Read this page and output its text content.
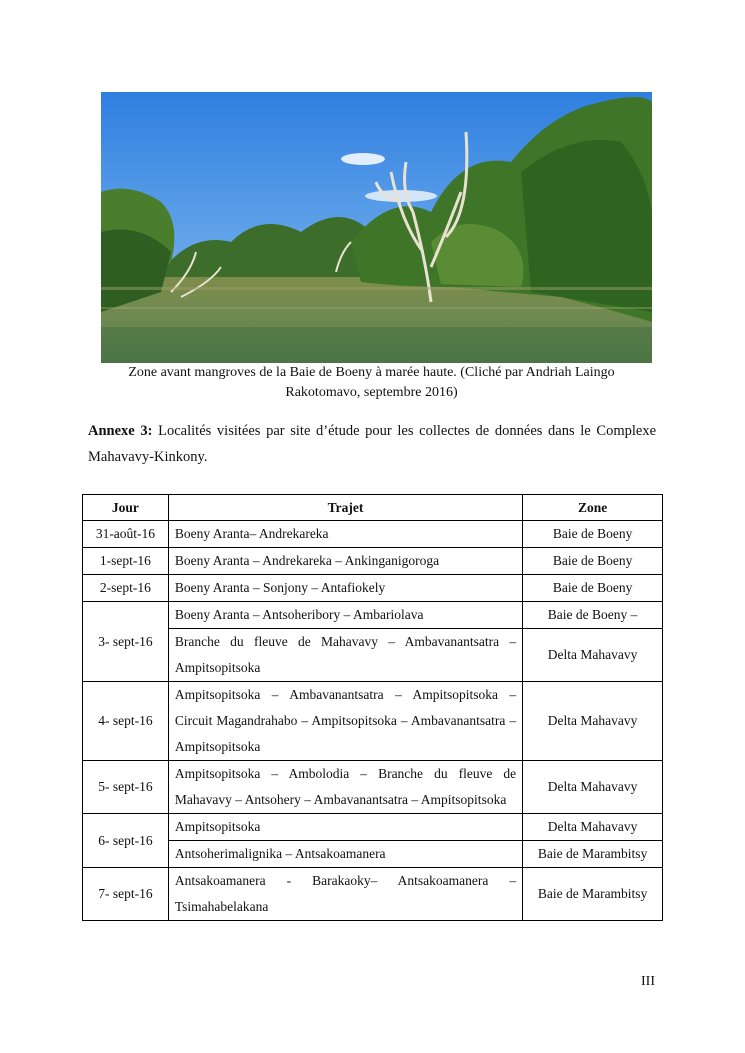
Zone avant mangroves de la Baie de Boeny à marée haute. (Cliché par Andriah Laingo Rakotomavo, septembre 2016)
Annexe 3: Localités visitées par site d’étude pour les collectes de données dans le Complexe Mahavavy-Kinkony.
Jour	Trajet	Zone
31-août-16	Boeny Aranta– Andrekareka	Baie de Boeny
1-sept-16	Boeny Aranta – Andrekareka – Ankinganigoroga	Baie de Boeny
2-sept-16	Boeny Aranta – Sonjony – Antafiokely	Baie de Boeny
3- sept-16	Boeny Aranta – Antsoheribory – Ambariolava	Baie de Boeny –
	Branche du fleuve de Mahavavy – Ambavanantsatra – Ampitsopitsoka	Delta Mahavavy
4- sept-16	Ampitsopitsoka – Ambavanantsatra – Ampitsopitsoka – Circuit Magandrahabo – Ampitsopitsoka – Ambavanantsatra – Ampitsopitsoka	Delta Mahavavy
5- sept-16	Ampitsopitsoka – Ambolodia – Branche du fleuve de Mahavavy – Antsohery – Ambavanantsatra – Ampitsopitsoka	Delta Mahavavy
6- sept-16	Ampitsopitsoka	Delta Mahavavy
	Antsoherimalignika – Antsakoamanera	Baie de Marambitsy
7- sept-16	Antsakoamanera - Barakaoky– Antsakoamanera – Tsimahabelakana	Baie de Marambitsy
III
